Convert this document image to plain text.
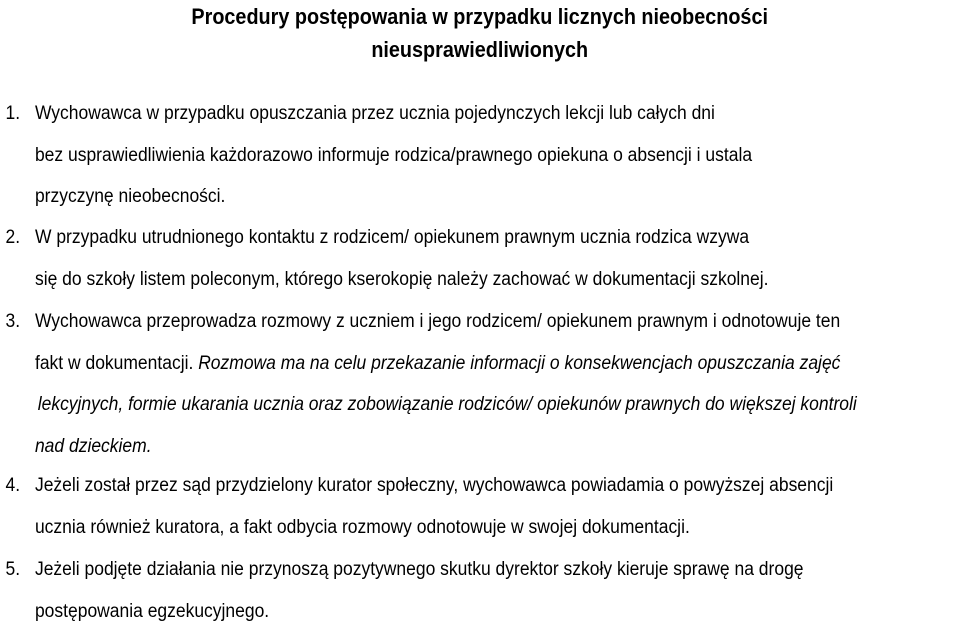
Procedury postępowania w przypadku licznych nieobecności
nieusprawiedliwionych
1. Wychowawca w przypadku opuszczania przez ucznia pojedynczych lekcji lub całych dni
bez usprawiedliwienia każdorazowo informuje rodzica/prawnego opiekuna o absencji i ustala
przyczynę nieobecności.
2. W przypadku utrudnionego kontaktu z rodzicem/ opiekunem prawnym ucznia rodzica wzywa
się do szkoły listem poleconym, którego kserokopię należy zachować w dokumentacji szkolnej.
3. Wychowawca przeprowadza rozmowy z uczniem i jego rodzicem/ opiekunem prawnym i odnotowuje ten
fakt w dokumentacji. Rozmowa ma na celu przekazanie informacji o konsekwencjach opuszczania zajęć
lekcyjnych, formie ukarania ucznia oraz zobowiązanie rodziców/ opiekunów prawnych do większej kontroli
nad dzieckiem.
4. Jeżeli został przez sąd przydzielony kurator społeczny, wychowawca powiadamia o powyższej absencji
ucznia również kuratora, a fakt odbycia rozmowy odnotowuje w swojej dokumentacji.
5. Jeżeli podjęte działania nie przynoszą pozytywnego skutku dyrektor szkoły kieruje sprawę na drogę
postępowania egzekucyjnego.
